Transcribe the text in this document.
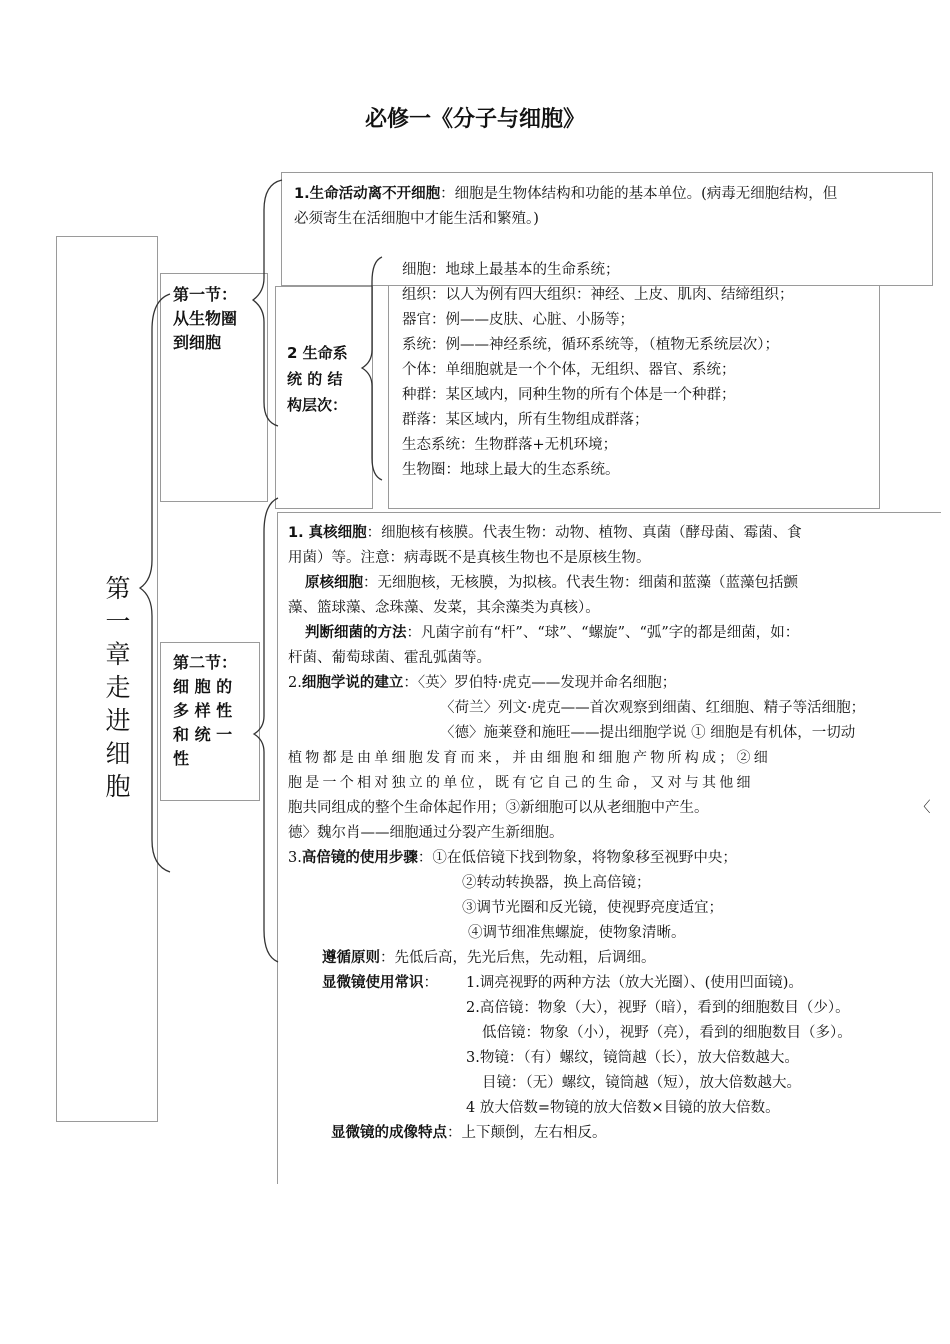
必修一《分子与细胞》
第
一
章
走
进
细
胞
第一节：
从生物圈
到细胞
第二节：
细 胞 的
多 样 性
和 统 一
性
1.生命活动离不开细胞：细胞是生物体结构和功能的基本单位。(病毒无细胞结构，但
必须寄生在活细胞中才能生活和繁殖。)
2 生命系
统 的 结
构层次：
细胞：地球上最基本的生命系统；
组织：以人为例有四大组织：神经、上皮、肌肉、结缔组织；
器官：例——皮肤、心脏、小肠等；
系统：例——神经系统，循环系统等，（植物无系统层次）；
个体：单细胞就是一个个体，无组织、器官、系统；
种群：某区域内，同种生物的所有个体是一个种群；
群落：某区域内，所有生物组成群落；
生态系统：生物群落+无机环境；
生物圈：地球上最大的生态系统。
1. 真核细胞：细胞核有核膜。代表生物：动物、植物、真菌（酵母菌、霉菌、食
用菌）等。注意：病毒既不是真核生物也不是原核生物。
原核细胞：无细胞核，无核膜，为拟核。代表生物：细菌和蓝藻（蓝藻包括颤
藻、篮球藻、念珠藻、发菜，其余藻类为真核）。
判断细菌的方法：凡菌字前有“杆”、“球”、“螺旋”、“弧”字的都是细菌，如：
杆菌、葡萄球菌、霍乱弧菌等。
2.细胞学说的建立：〈英〉罗伯特·虎克——发现并命名细胞；
〈荷兰〉列文·虎克——首次观察到细菌、红细胞、精子等活细胞；
〈德〉施莱登和施旺——提出细胞学说 ① 细胞是有机体，一切动
植 物 都 是 由 单 细 胞 发 育 而 来 ， 并 由 细 胞 和 细 胞 产 物 所 构 成 ； ② 细
胞 是 一 个 相 对 独 立 的 单 位 ， 既 有 它 自 己 的 生 命 ， 又 对 与 其 他 细
胞共同组成的整个生命体起作用；③新细胞可以从老细胞中产生。	〈
德〉魏尔肖——细胞通过分裂产生新细胞。
3.高倍镜的使用步骤：①在低倍镜下找到物象，将物象移至视野中央；
②转动转换器，换上高倍镜；
③调节光圈和反光镜，使视野亮度适宜；
④调节细准焦螺旋，使物象清晰。
遵循原则：先低后高，先光后焦，先动粗，后调细。
显微镜使用常识： 1.调亮视野的两种方法（放大光圈）、(使用凹面镜)。
2.高倍镜：物象（大），视野（暗），看到的细胞数目（少）。
低倍镜：物象（小），视野（亮），看到的细胞数目（多）。
3.物镜：（有）螺纹，镜筒越（长），放大倍数越大。
目镜：（无）螺纹，镜筒越（短），放大倍数越大。
4 放大倍数=物镜的放大倍数×目镜的放大倍数。
显微镜的成像特点：上下颠倒，左右相反。
